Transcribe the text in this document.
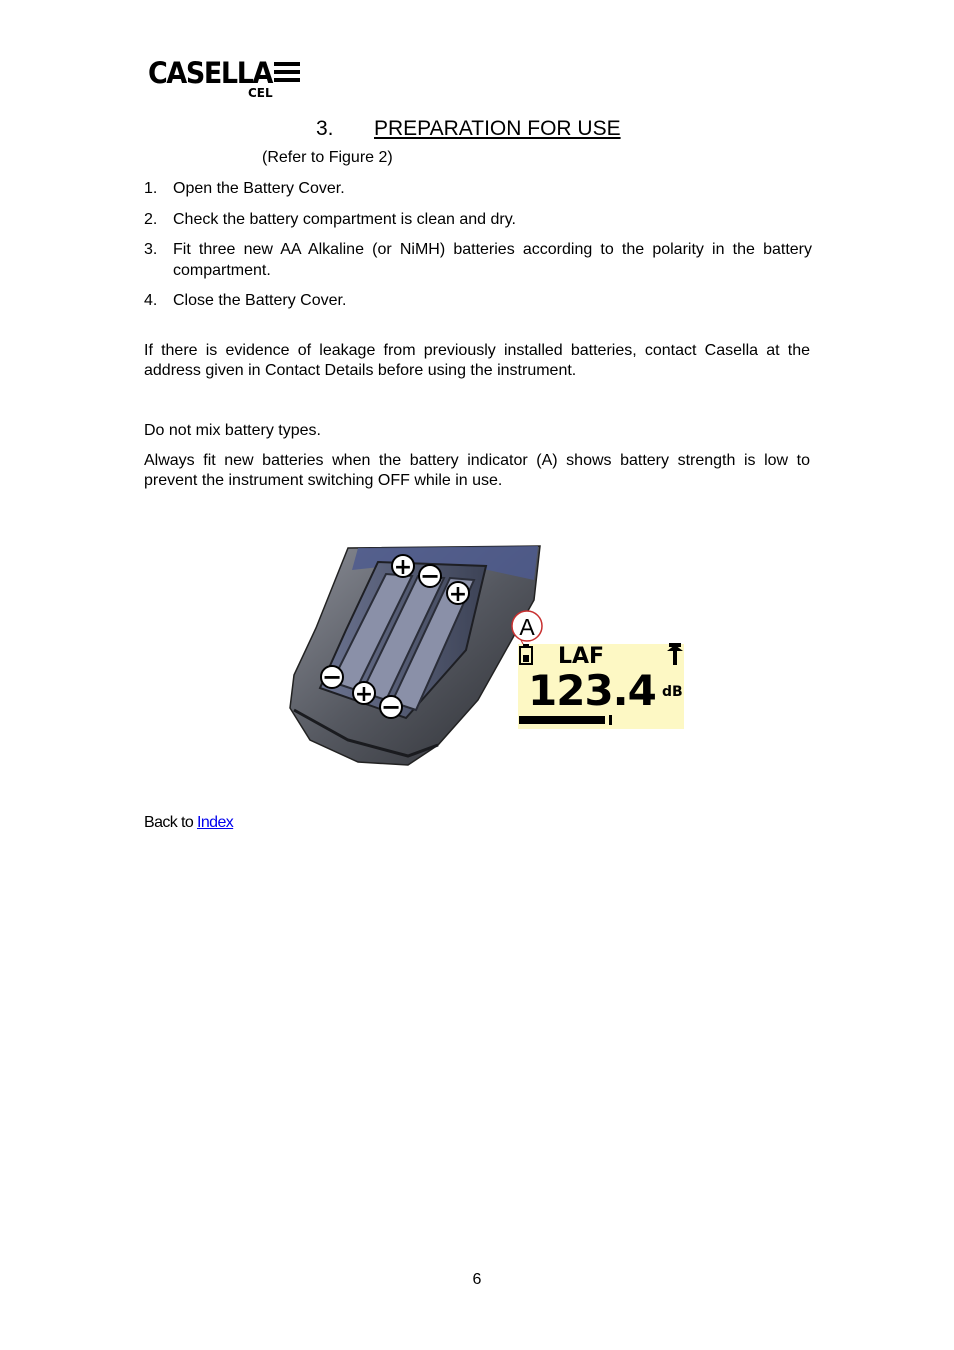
CASELLA
CEL
3. PREPARATION FOR USE
(Refer to Figure 2)
1. Open the Battery Cover.
2. Check the battery compartment is clean and dry.
3. Fit three new AA Alkaline (or NiMH) batteries according to the polarity in the battery compartment.
4. Close the Battery Cover.
If there is evidence of leakage from previously installed batteries, contact Casella at the address given in Contact Details before using the instrument.
Do not mix battery types.
Always fit new batteries when the battery indicator (A) shows battery strength is low to prevent the instrument switching OFF while in use.
+ −
+
−
+ −
A
LAF
123.4 dB
Back to Index
6
